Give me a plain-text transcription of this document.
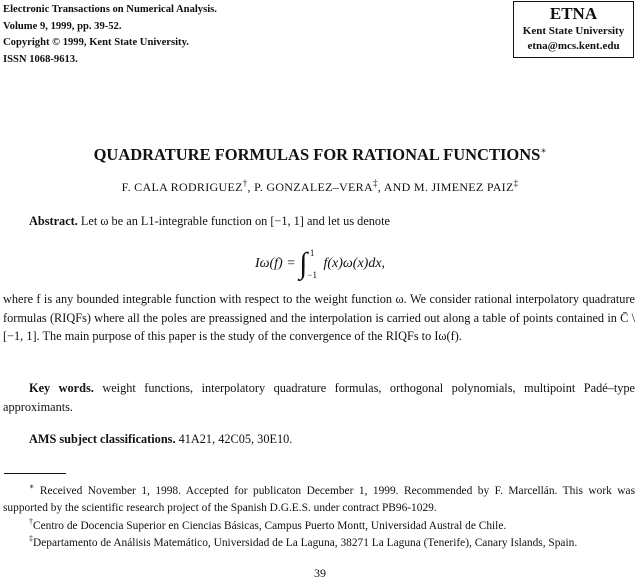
Electronic Transactions on Numerical Analysis.
Volume 9, 1999, pp. 39-52.
Copyright © 1999, Kent State University.
ISSN 1068-9613.
ETNA
Kent State University
etna@mcs.kent.edu
QUADRATURE FORMULAS FOR RATIONAL FUNCTIONS∗
F. CALA RODRIGUEZ†, P. GONZALEZ–VERA‡, AND M. JIMENEZ PAIZ‡
Abstract. Let ω be an L1-integrable function on [−1, 1] and let us denote
Iω(f) = ∫ 1
−1
f(x)ω(x)dx,
where f is any bounded integrable function with respect to the weight function ω. We consider rational interpolatory quadrature formulas (RIQFs) where all the poles are preassigned and the interpolation is carried out along a table of points contained in C̄ \ [−1, 1]. The main purpose of this paper is the study of the convergence of the RIQFs to Iω(f).
Key words. weight functions, interpolatory quadrature formulas, orthogonal polynomials, multipoint Padé–type approximants.
AMS subject classifications. 41A21, 42C05, 30E10.
∗ Received November 1, 1998. Accepted for publicaton December 1, 1999. Recommended by F. Marcellán. This work was supported by the scientific research project of the Spanish D.G.E.S. under contract PB96-1029.
†Centro de Docencia Superior en Ciencias Básicas, Campus Puerto Montt, Universidad Austral de Chile.
‡Departamento de Análisis Matemático, Universidad de La Laguna, 38271 La Laguna (Tenerife), Canary Islands, Spain.
39
